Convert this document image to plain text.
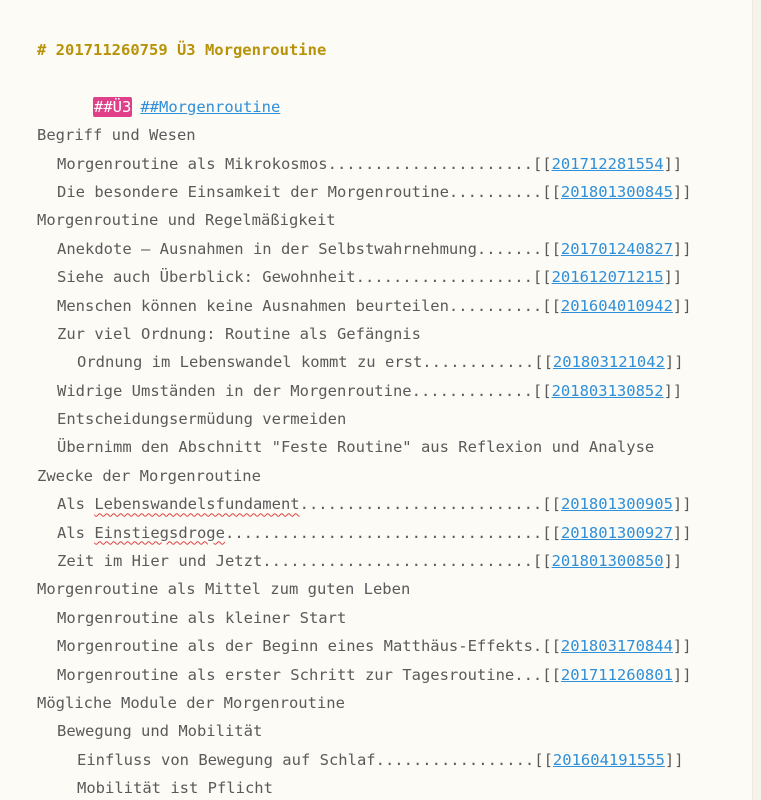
# 201711260759 Ü3 Morgenroutine

##Ü3 ##Morgenroutine

Begriff und Wesen
Morgenroutine als Mikrokosmos......................[[201712281554]]
Die besondere Einsamkeit der Morgenroutine..........[[201801300845]]
Morgenroutine und Regelmäßigkeit
Anekdote – Ausnahmen in der Selbstwahrnehmung.......[[201701240827]]
Siehe auch Überblick: Gewohnheit...................[[201612071215]]
Menschen können keine Ausnahmen beurteilen..........[[201604010942]]
Zur viel Ordnung: Routine als Gefängnis
Ordnung im Lebenswandel kommt zu erst............[[201803121042]]
Widrige Umständen in der Morgenroutine.............[[201803130852]]
Entscheidungsermüdung vermeiden
Übernimm den Abschnitt "Feste Routine" aus Reflexion und Analyse
Zwecke der Morgenroutine
Als Lebenswandelsfundament..........................[[201801300905]]
Als Einstiegsdroge..................................[[201801300927]]
Zeit im Hier und Jetzt.............................[[201801300850]]
Morgenroutine als Mittel zum guten Leben
Morgenroutine als kleiner Start
Morgenroutine als der Beginn eines Matthäus-Effekts.[[201803170844]]
Morgenroutine als erster Schritt zur Tagesroutine...[[201711260801]]
Mögliche Module der Morgenroutine
Bewegung und Mobilität
Einfluss von Bewegung auf Schlaf.................[[201604191555]]
Mobilität ist Pflicht
